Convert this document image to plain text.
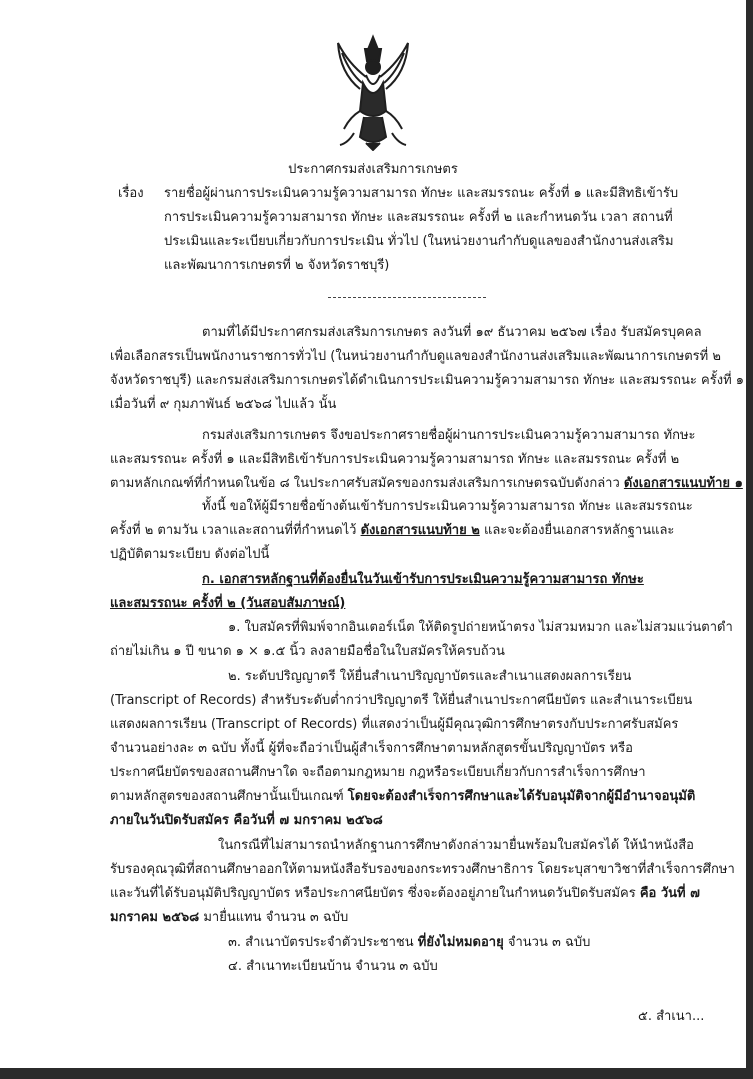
ประกาศกรมส่งเสริมการเกษตร
เรื่อง รายชื่อผู้ผ่านการประเมินความรู้ความสามารถ ทักษะ และสมรรถนะ ครั้งที่ ๑ และมีสิทธิเข้ารับ
การประเมินความรู้ความสามารถ ทักษะ และสมรรถนะ ครั้งที่ ๒ และกำหนดวัน เวลา สถานที่
ประเมินและระเบียบเกี่ยวกับการประเมิน ทั่วไป (ในหน่วยงานกำกับดูแลของสำนักงานส่งเสริม
และพัฒนาการเกษตรที่ ๒ จังหวัดราชบุรี)
ตามที่ได้มีประกาศกรมส่งเสริมการเกษตร ลงวันที่ ๑๙ ธันวาคม ๒๕๖๗ เรื่อง รับสมัครบุคคล
เพื่อเลือกสรรเป็นพนักงานราชการทั่วไป (ในหน่วยงานกำกับดูแลของสำนักงานส่งเสริมและพัฒนาการเกษตรที่ ๒
จังหวัดราชบุรี) และกรมส่งเสริมการเกษตรได้ดำเนินการประเมินความรู้ความสามารถ ทักษะ และสมรรถนะ ครั้งที่ ๑
เมื่อวันที่ ๙ กุมภาพันธ์ ๒๕๖๘ ไปแล้ว นั้น
กรมส่งเสริมการเกษตร จึงขอประกาศรายชื่อผู้ผ่านการประเมินความรู้ความสามารถ ทักษะ
และสมรรถนะ ครั้งที่ ๑ และมีสิทธิเข้ารับการประเมินความรู้ความสามารถ ทักษะ และสมรรถนะ ครั้งที่ ๒
ตามหลักเกณฑ์ที่กำหนดในข้อ ๘ ในประกาศรับสมัครของกรมส่งเสริมการเกษตรฉบับดังกล่าว ดังเอกสารแนบท้าย ๑
ทั้งนี้ ขอให้ผู้มีรายชื่อข้างต้นเข้ารับการประเมินความรู้ความสามารถ ทักษะ และสมรรถนะ
ครั้งที่ ๒ ตามวัน เวลาและสถานที่ที่กำหนดไว้ ดังเอกสารแนบท้าย ๒ และจะต้องยื่นเอกสารหลักฐานและ
ปฏิบัติตามระเบียบ ดังต่อไปนี้
ก. เอกสารหลักฐานที่ต้องยื่นในวันเข้ารับการประเมินความรู้ความสามารถ ทักษะ
และสมรรถนะ ครั้งที่ ๒ (วันสอบสัมภาษณ์)
๑. ใบสมัครที่พิมพ์จากอินเตอร์เน็ต ให้ติดรูปถ่ายหน้าตรง ไม่สวมหมวก และไม่สวมแว่นตาดำ
ถ่ายไม่เกิน ๑ ปี ขนาด ๑ × ๑.๕ นิ้ว ลงลายมือชื่อในใบสมัครให้ครบถ้วน
๒. ระดับปริญญาตรี ให้ยื่นสำเนาปริญญาบัตรและสำเนาแสดงผลการเรียน
(Transcript of Records) สำหรับระดับต่ำกว่าปริญญาตรี ให้ยื่นสำเนาประกาศนียบัตร และสำเนาระเบียน
แสดงผลการเรียน (Transcript of Records) ที่แสดงว่าเป็นผู้มีคุณวุฒิการศึกษาตรงกับประกาศรับสมัคร
จำนวนอย่างละ ๓ ฉบับ ทั้งนี้ ผู้ที่จะถือว่าเป็นผู้สำเร็จการศึกษาตามหลักสูตรขั้นปริญญาบัตร หรือ
ประกาศนียบัตรของสถานศึกษาใด จะถือตามกฎหมาย กฎหรือระเบียบเกี่ยวกับการสำเร็จการศึกษา
ตามหลักสูตรของสถานศึกษานั้นเป็นเกณฑ์ โดยจะต้องสำเร็จการศึกษาและได้รับอนุมัติจากผู้มีอำนาจอนุมัติ
ภายในวันปิดรับสมัคร คือวันที่ ๗ มกราคม ๒๕๖๘
ในกรณีที่ไม่สามารถนำหลักฐานการศึกษาดังกล่าวมายื่นพร้อมใบสมัครได้ ให้นำหนังสือ
รับรองคุณวุฒิที่สถานศึกษาออกให้ตามหนังสือรับรองของกระทรวงศึกษาธิการ โดยระบุสาขาวิชาที่สำเร็จการศึกษา
และวันที่ได้รับอนุมัติปริญญาบัตร หรือประกาศนียบัตร ซึ่งจะต้องอยู่ภายในกำหนดวันปิดรับสมัคร คือ วันที่ ๗
มกราคม ๒๕๖๘ มายื่นแทน จำนวน ๓ ฉบับ
๓. สำเนาบัตรประจำตัวประชาชน ที่ยังไม่หมดอายุ จำนวน ๓ ฉบับ
๔. สำเนาทะเบียนบ้าน จำนวน ๓ ฉบับ
๕. สำเนา...
